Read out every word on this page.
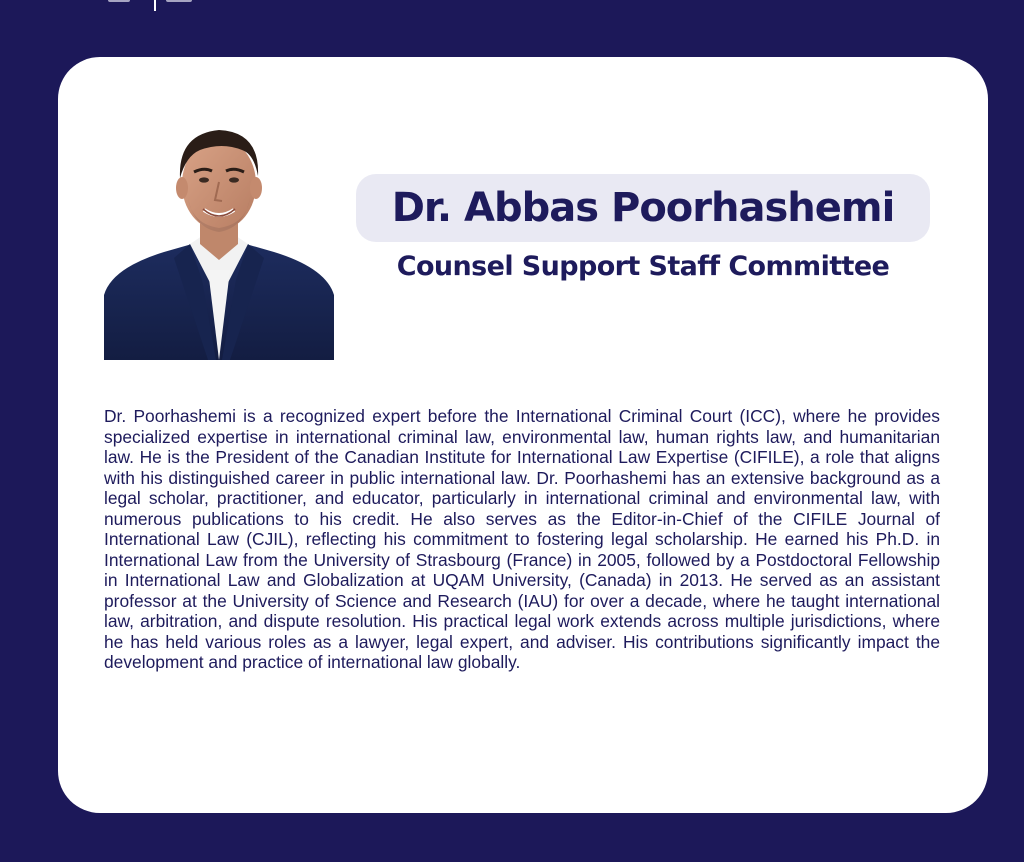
Dr. Abbas Poorhashemi
Counsel Support Staff Committee

Dr. Poorhashemi is a recognized expert before the International Criminal Court (ICC), where he provides specialized expertise in international criminal law, environmental law, human rights law, and humanitarian law. He is the President of the Canadian Institute for International Law Expertise (CIFILE), a role that aligns with his distinguished career in public international law. Dr. Poorhashemi has an extensive background as a legal scholar, practitioner, and educator, particularly in international criminal and environmental law, with numerous publications to his credit. He also serves as the Editor-in-Chief of the CIFILE Journal of International Law (CJIL), reflecting his commitment to fostering legal scholarship. He earned his Ph.D. in International Law from the University of Strasbourg (France) in 2005, followed by a Postdoctoral Fellowship in International Law and Globalization at UQAM University, (Canada) in 2013. He served as an assistant professor at the University of Science and Research (IAU) for over a decade, where he taught international law, arbitration, and dispute resolution. His practical legal work extends across multiple jurisdictions, where he has held various roles as a lawyer, legal expert, and adviser. His contributions significantly impact the development and practice of international law globally.
